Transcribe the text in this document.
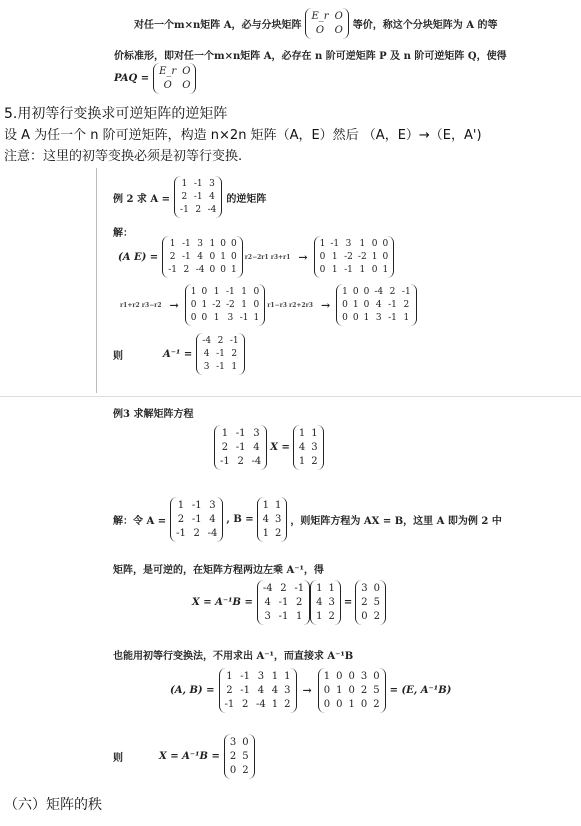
对任一个m×n矩阵 A，必与分块矩阵
E_r O
O	O 等价，称这个分块矩阵为 A 的等
价标准形，即对任一个m×n矩阵 A，必存在 n 阶可逆矩阵 P 及 n 阶可逆矩阵 Q，使得
PAQ =
E_r O
O	O
5.用初等行变换求可逆矩阵的逆矩阵
设 A 为任一个 n 阶可逆矩阵，构造 n×2n 矩阵（A，E）然后 （A，E）→（E，A')
注意：这里的初等变换必须是初等行变换.
例 2 求 A =
1 -1 3
2 -1 4
-1 2 -4
的逆矩阵
解：
(A E) =
1 -1 3 1 0 0
2 -1 4 0 1 0
-1 2 -4 0 0 1
r2−2r1 r3+r1 →
1 -1 3 1 0 0
0 1 -2 -2 1 0
0 1 -1 1 0 1
r1+r2 r3−r2 →
1 0 1 -1 1 0
0 1 -2 -2 1 0
0 0 1 3 -1 1
r1−r3 r2+2r3 →
1 0 0 -4 2 -1
0 1 0 4 -1 2
0 0 1 3 -1 1
则	A⁻¹ =
-4 2 -1
4 -1 2
3 -1 1
例3 求解矩阵方程
1 -1 3
2 -1 4
-1 2 -4
X =
1 1
4 3
1 2
解：令 A =
1 -1 3
2 -1 4
-1 2 -4
, B =
1 1
4 3
1 2
，则矩阵方程为 AX = B，这里 A 即为例 2 中
矩阵，是可逆的，在矩阵方程两边左乘 A⁻¹，得
X = A⁻¹B =
-4 2 -1
4 -1 2
3 -1 1
1 1
4 3
1 2
=
3 0
2 5
0 2
也能用初等行变换法，不用求出 A⁻¹，而直接求 A⁻¹B
(A, B) =
1 -1 3 1 1
2 -1 4 4 3
-1 2 -4 1 2
→
1 0 0 3 0
0 1 0 2 5
0 0 1 0 2
= (E, A⁻¹B)
则	X = A⁻¹B =
3 0
2 5
0 2
（六）矩阵的秩
